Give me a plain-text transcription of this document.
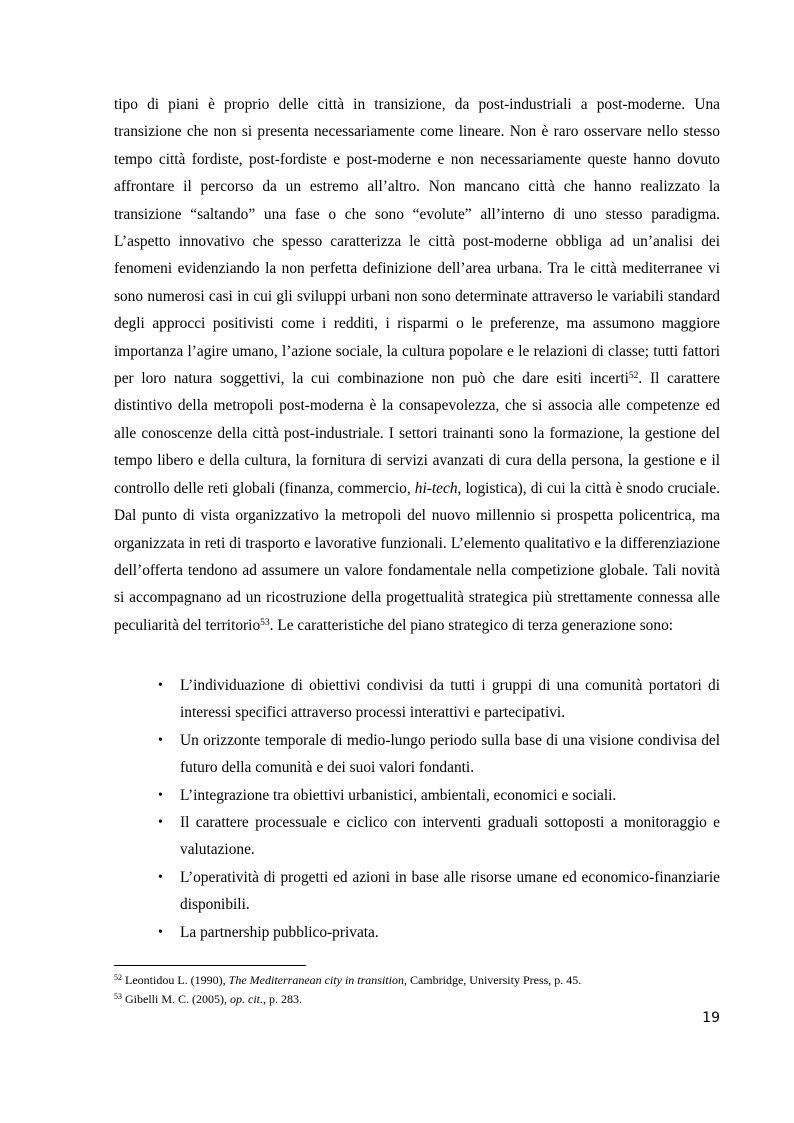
tipo di piani è proprio delle città in transizione, da post-industriali a post-moderne. Una transizione che non si presenta necessariamente come lineare. Non è raro osservare nello stesso tempo città fordiste, post-fordiste e post-moderne e non necessariamente queste hanno dovuto affrontare il percorso da un estremo all’altro. Non mancano città che hanno realizzato la transizione “saltando” una fase o che sono “evolute” all’interno di uno stesso paradigma. L’aspetto innovativo che spesso caratterizza le città post-moderne obbliga ad un’analisi dei fenomeni evidenziando la non perfetta definizione dell’area urbana. Tra le città mediterranee vi sono numerosi casi in cui gli sviluppi urbani non sono determinate attraverso le variabili standard degli approcci positivisti come i redditi, i risparmi o le preferenze, ma assumono maggiore importanza l’agire umano, l’azione sociale, la cultura popolare e le relazioni di classe; tutti fattori per loro natura soggettivi, la cui combinazione non può che dare esiti incerti$^{52}$. Il carattere distintivo della metropoli post-moderna è la consapevolezza, che si associa alle competenze ed alle conoscenze della città post-industriale. I settori trainanti sono la formazione, la gestione del tempo libero e della cultura, la fornitura di servizi avanzati di cura della persona, la gestione e il controllo delle reti globali (finanza, commercio, hi-tech, logistica), di cui la città è snodo cruciale. Dal punto di vista organizzativo la metropoli del nuovo millennio si prospetta policentrica, ma organizzata in reti di trasporto e lavorative funzionali. L’elemento qualitativo e la differenziazione dell’offerta tendono ad assumere un valore fondamentale nella competizione globale. Tali novità si accompagnano ad un ricostruzione della progettualità strategica più strettamente connessa alle peculiarità del territorio$^{53}$. Le caratteristiche del piano strategico di terza generazione sono:

• L’individuazione di obiettivi condivisi da tutti i gruppi di una comunità portatori di interessi specifici attraverso processi interattivi e partecipativi.
• Un orizzonte temporale di medio-lungo periodo sulla base di una visione condivisa del futuro della comunità e dei suoi valori fondanti.
• L’integrazione tra obiettivi urbanistici, ambientali, economici e sociali.
• Il carattere processuale e ciclico con interventi graduali sottoposti a monitoraggio e valutazione.
• L’operatività di progetti ed azioni in base alle risorse umane ed economico-finanziarie disponibili.
• La partnership pubblico-privata.
$^{52}$ Leontidou L. (1990), The Mediterranean city in transition, Cambridge, University Press, p. 45.
$^{53}$ Gibelli M. C. (2005), op. cit., p. 283.
19
